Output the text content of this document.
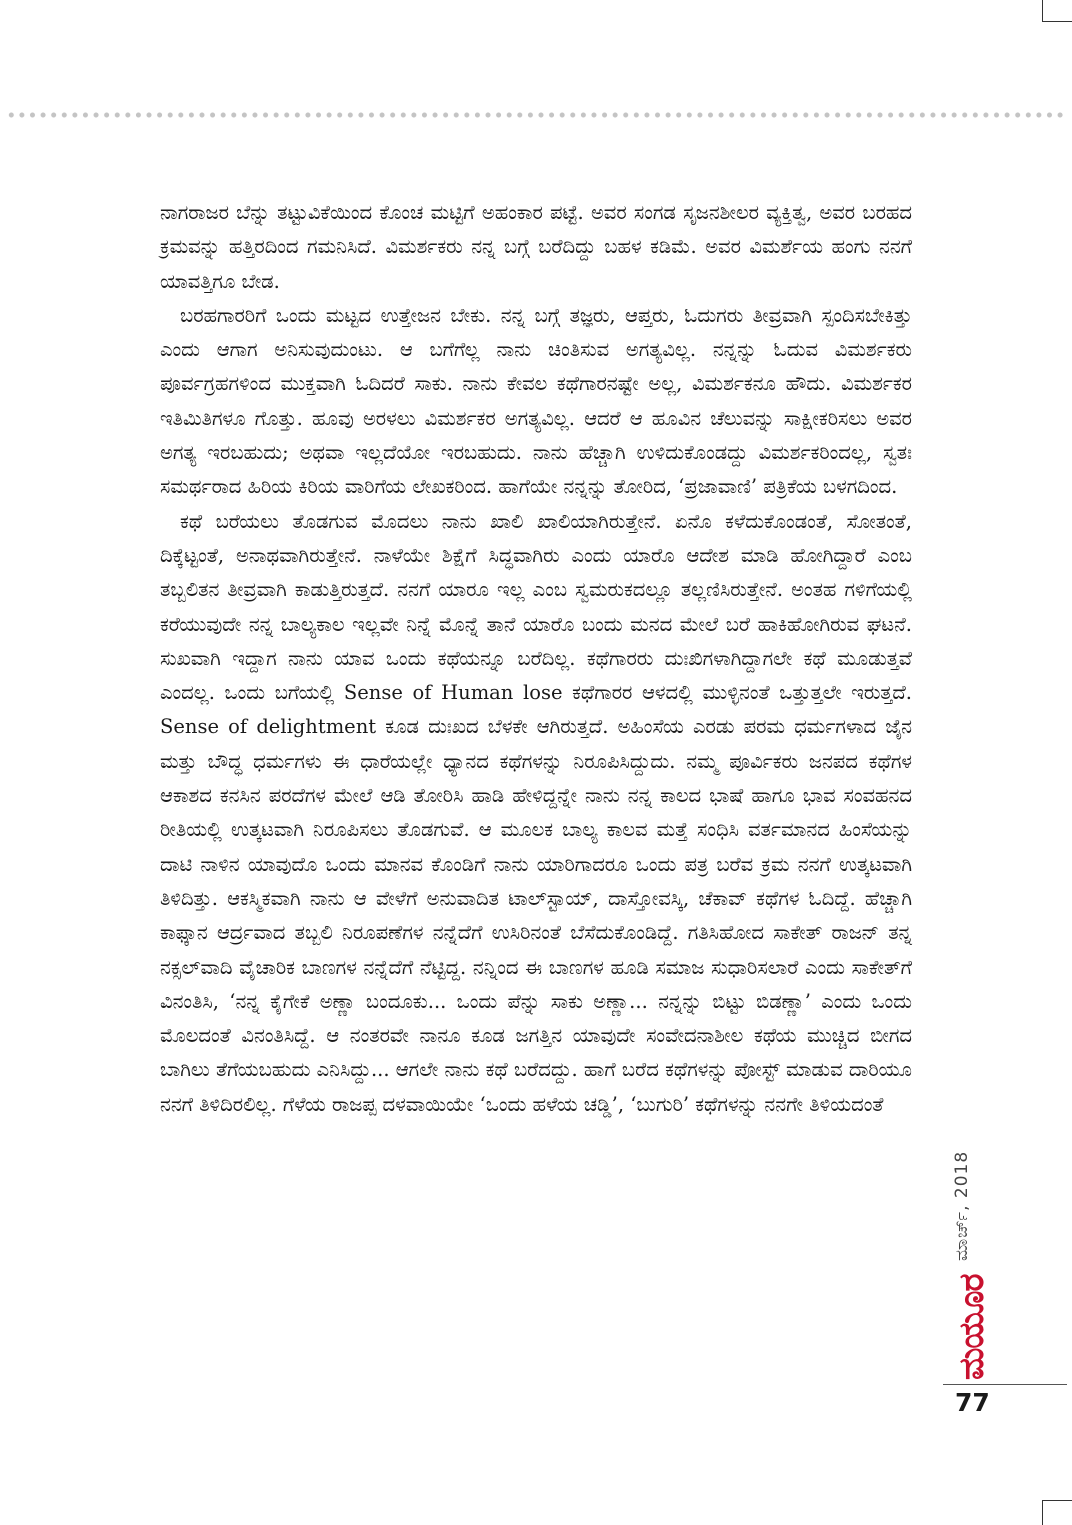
ನಾಗರಾಜರ ಬೆನ್ನು ತಟ್ಟುವಿಕೆಯಿಂದ ಕೊಂಚ ಮಟ್ಟಿಗೆ ಅಹಂಕಾರ ಪಟ್ಟೆ. ಅವರ ಸಂಗಡ ಸೃಜನಶೀಲರ ವ್ಯಕ್ತಿತ್ವ, ಅವರ ಬರಹದ ಕ್ರಮವನ್ನು ಹತ್ತಿರದಿಂದ ಗಮನಿಸಿದೆ. ವಿಮರ್ಶಕರು ನನ್ನ ಬಗ್ಗೆ ಬರೆದಿದ್ದು ಬಹಳ ಕಡಿಮೆ. ಅವರ ವಿಮರ್ಶೆಯ ಹಂಗು ನನಗೆ ಯಾವತ್ತಿಗೂ ಬೇಡ.

ಬರಹಗಾರರಿಗೆ ಒಂದು ಮಟ್ಟದ ಉತ್ತೇಜನ ಬೇಕು. ನನ್ನ ಬಗ್ಗೆ ತಜ್ಞರು, ಆಪ್ತರು, ಓದುಗರು ತೀವ್ರವಾಗಿ ಸ್ಪಂದಿಸಬೇಕಿತ್ತು ಎಂದು ಆಗಾಗ ಅನಿಸುವುದುಂಟು. ಆ ಬಗೆಗೆಲ್ಲ ನಾನು ಚಿಂತಿಸುವ ಅಗತ್ಯವಿಲ್ಲ. ನನ್ನನ್ನು ಓದುವ ವಿಮರ್ಶಕರು ಪೂರ್ವಗ್ರಹಗಳಿಂದ ಮುಕ್ತವಾಗಿ ಓದಿದರೆ ಸಾಕು. ನಾನು ಕೇವಲ ಕಥೆಗಾರನಷ್ಟೇ ಅಲ್ಲ, ವಿಮರ್ಶಕನೂ ಹೌದು. ವಿಮರ್ಶಕರ ಇತಿಮಿತಿಗಳೂ ಗೊತ್ತು. ಹೂವು ಅರಳಲು ವಿಮರ್ಶಕರ ಅಗತ್ಯವಿಲ್ಲ. ಆದರೆ ಆ ಹೂವಿನ ಚೆಲುವನ್ನು ಸಾಕ್ಷೀಕರಿಸಲು ಅವರ ಅಗತ್ಯ ಇರಬಹುದು; ಅಥವಾ ಇಲ್ಲದೆಯೋ ಇರಬಹುದು. ನಾನು ಹೆಚ್ಚಾಗಿ ಉಳಿದುಕೊಂಡದ್ದು ವಿಮರ್ಶಕರಿಂದಲ್ಲ, ಸ್ವತಃ ಸಮರ್ಥರಾದ ಹಿರಿಯ ಕಿರಿಯ ವಾರಿಗೆಯ ಲೇಖಕರಿಂದ. ಹಾಗೆಯೇ ನನ್ನನ್ನು ತೋರಿದ, ‘ಪ್ರಜಾವಾಣಿ’ ಪತ್ರಿಕೆಯ ಬಳಗದಿಂದ.

ಕಥೆ ಬರೆಯಲು ತೊಡಗುವ ಮೊದಲು ನಾನು ಖಾಲಿ ಖಾಲಿಯಾಗಿರುತ್ತೇನೆ. ಏನೊ ಕಳೆದುಕೊಂಡಂತೆ, ಸೋತಂತೆ, ದಿಕ್ಕೆಟ್ಟಂತೆ, ಅನಾಥವಾಗಿರುತ್ತೇನೆ. ನಾಳೆಯೇ ಶಿಕ್ಷೆಗೆ ಸಿದ್ಧವಾಗಿರು ಎಂದು ಯಾರೊ ಆದೇಶ ಮಾಡಿ ಹೋಗಿದ್ದಾರೆ ಎಂಬ ತಬ್ಬಲಿತನ ತೀವ್ರವಾಗಿ ಕಾಡುತ್ತಿರುತ್ತದೆ. ನನಗೆ ಯಾರೂ ಇಲ್ಲ ಎಂಬ ಸ್ವಮರುಕದಲ್ಲೂ ತಲ್ಲಣಿಸಿರುತ್ತೇನೆ. ಅಂತಹ ಗಳಿಗೆಯಲ್ಲಿ ಕರೆಯುವುದೇ ನನ್ನ ಬಾಲ್ಯಕಾಲ ಇಲ್ಲವೇ ನಿನ್ನೆ ಮೊನ್ನೆ ತಾನೆ ಯಾರೊ ಬಂದು ಮನದ ಮೇಲೆ ಬರೆ ಹಾಕಿಹೋಗಿರುವ ಘಟನೆ. ಸುಖವಾಗಿ ಇದ್ದಾಗ ನಾನು ಯಾವ ಒಂದು ಕಥೆಯನ್ನೂ ಬರೆದಿಲ್ಲ. ಕಥೆಗಾರರು ದುಃಖಿಗಳಾಗಿದ್ದಾಗಲೇ ಕಥೆ ಮೂಡುತ್ತವೆ ಎಂದಲ್ಲ. ಒಂದು ಬಗೆಯಲ್ಲಿ Sense of Human lose ಕಥೆಗಾರರ ಆಳದಲ್ಲಿ ಮುಳ್ಳಿನಂತೆ ಒತ್ತುತ್ತಲೇ ಇರುತ್ತದೆ. Sense of delightment ಕೂಡ ದುಃಖದ ಬೆಳಕೇ ಆಗಿರುತ್ತದೆ. ಅಹಿಂಸೆಯ ಎರಡು ಪರಮ ಧರ್ಮಗಳಾದ ಜೈನ ಮತ್ತು ಬೌದ್ಧ ಧರ್ಮಗಳು ಈ ಧಾರೆಯಲ್ಲೇ ಧ್ಯಾನದ ಕಥೆಗಳನ್ನು ನಿರೂಪಿಸಿದ್ದುದು. ನಮ್ಮ ಪೂರ್ವಿಕರು ಜನಪದ ಕಥೆಗಳ ಆಕಾಶದ ಕನಸಿನ ಪರದೆಗಳ ಮೇಲೆ ಆಡಿ ತೋರಿಸಿ ಹಾಡಿ ಹೇಳಿದ್ದನ್ನೇ ನಾನು ನನ್ನ ಕಾಲದ ಭಾಷೆ ಹಾಗೂ ಭಾವ ಸಂವಹನದ ರೀತಿಯಲ್ಲಿ ಉತ್ಕಟವಾಗಿ ನಿರೂಪಿಸಲು ತೊಡಗುವೆ. ಆ ಮೂಲಕ ಬಾಲ್ಯ ಕಾಲವ ಮತ್ತೆ ಸಂಧಿಸಿ ವರ್ತಮಾನದ ಹಿಂಸೆಯನ್ನು ದಾಟಿ ನಾಳಿನ ಯಾವುದೊ ಒಂದು ಮಾನವ ಕೊಂಡಿಗೆ ನಾನು ಯಾರಿಗಾದರೂ ಒಂದು ಪತ್ರ ಬರೆವ ಕ್ರಮ ನನಗೆ ಉತ್ಕಟವಾಗಿ ತಿಳಿದಿತ್ತು. ಆಕಸ್ಮಿಕವಾಗಿ ನಾನು ಆ ವೇಳೆಗೆ ಅನುವಾದಿತ ಟಾಲ್‌ಸ್ಟಾಯ್, ದಾಸ್ತೋವಸ್ಕಿ, ಚೆಕಾವ್ ಕಥೆಗಳ ಓದಿದ್ದೆ. ಹೆಚ್ಚಾಗಿ ಕಾಫ್ಕಾನ ಆರ್ದ್ರವಾದ ತಬ್ಬಲಿ ನಿರೂಪಣೆಗಳ ನನ್ನೆದೆಗೆ ಉಸಿರಿನಂತೆ ಬೆಸೆದುಕೊಂಡಿದ್ದೆ. ಗತಿಸಿಹೋದ ಸಾಕೇತ್ ರಾಜನ್ ತನ್ನ ನಕ್ಸಲ್‌ವಾದಿ ವೈಚಾರಿಕ ಬಾಣಗಳ ನನ್ನೆದೆಗೆ ನೆಟ್ಟಿದ್ದ. ನನ್ನಿಂದ ಈ ಬಾಣಗಳ ಹೂಡಿ ಸಮಾಜ ಸುಧಾರಿಸಲಾರೆ ಎಂದು ಸಾಕೇತ್‌ಗೆ ವಿನಂತಿಸಿ, ‘ನನ್ನ ಕೈಗೇಕೆ ಅಣ್ಣಾ ಬಂದೂಕು... ಒಂದು ಪೆನ್ನು ಸಾಕು ಅಣ್ಣಾ... ನನ್ನನ್ನು ಬಿಟ್ಟು ಬಿಡಣ್ಣಾ’ ಎಂದು ಒಂದು ಮೊಲದಂತೆ ವಿನಂತಿಸಿದ್ದೆ. ಆ ನಂತರವೇ ನಾನೂ ಕೂಡ ಜಗತ್ತಿನ ಯಾವುದೇ ಸಂವೇದನಾಶೀಲ ಕಥೆಯ ಮುಚ್ಚಿದ ಬೀಗದ ಬಾಗಿಲು ತೆಗೆಯಬಹುದು ಎನಿಸಿದ್ದು... ಆಗಲೇ ನಾನು ಕಥೆ ಬರೆದದ್ದು. ಹಾಗೆ ಬರೆದ ಕಥೆಗಳನ್ನು ಪೋಸ್ಟ್ ಮಾಡುವ ದಾರಿಯೂ ನನಗೆ ತಿಳಿದಿರಲಿಲ್ಲ. ಗೆಳೆಯ ರಾಜಪ್ಪ ದಳವಾಯಿಯೇ ‘ಒಂದು ಹಳೆಯ ಚಡ್ಡಿ’, ‘ಬುಗುರಿ’ ಕಥೆಗಳನ್ನು ನನಗೇ ತಿಳಿಯದಂತೆ

ಮಯೂರ
ಮಾರ್ಚ್, 2018
77
